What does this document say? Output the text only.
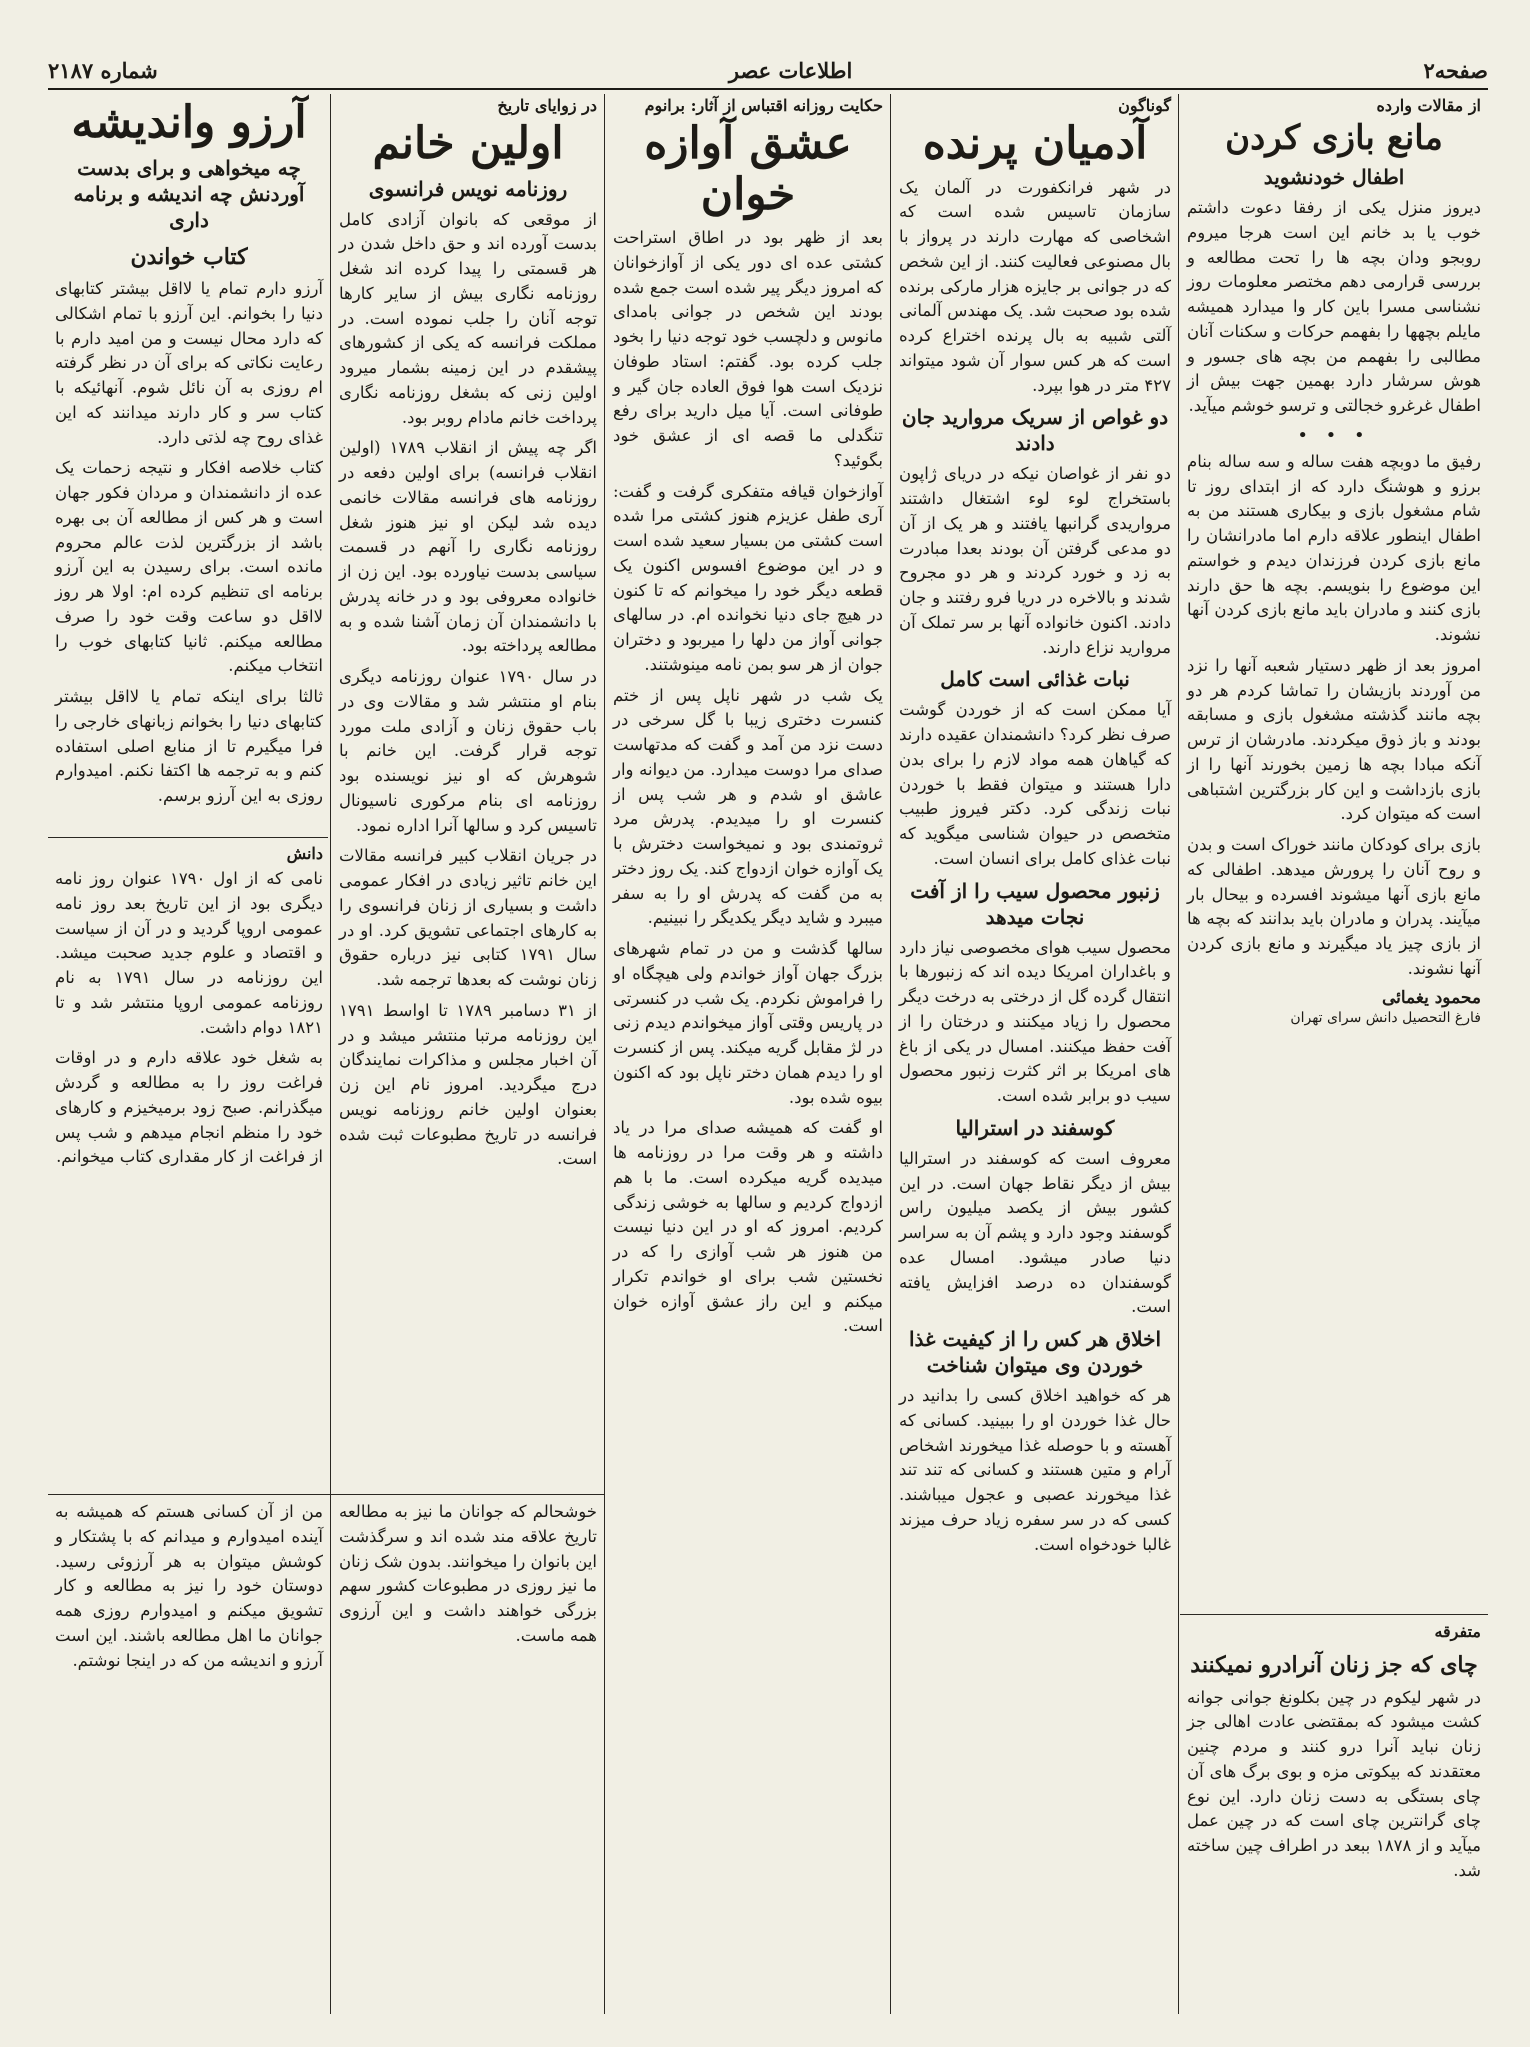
صفحه۲
اطلاعات عصر
شماره ۲۱۸۷
از مقالات وارده
مانع بازی کردن
اطفال خودنشوید

دیروز منزل یکی از رفقا دعوت داشتم خوب یا بد خانم این است هرجا میروم روبجو ودان بچه ها را تحت مطالعه و بررسی قرارمی دهم مختصر معلومات روز نشناسی مسرا باین کار وا میدارد همیشه مایلم بچهها را بفهمم حرکات و سکنات آنان مطالبی را بفهمم من بچه های جسور و هوش سرشار دارد بهمین جهت بیش از اطفال غرغرو خجالتی و ترسو خوشم میآید.

• • •

رفیق ما دوبچه هفت ساله و سه ساله بنام برزو و هوشنگ دارد که از ابتدای روز تا شام مشغول بازی و بیکاری هستند من به اطفال اینطور علاقه دارم اما مادرانشان را مانع بازی کردن فرزندان دیدم و خواستم این موضوع را بنویسم. بچه ها حق دارند بازی کنند و مادران باید مانع بازی کردن آنها نشوند.

امروز بعد از ظهر دستیار شعبه آنها را نزد من آوردند بازیشان را تماشا کردم هر دو بچه مانند گذشته مشغول بازی و مسابقه بودند و باز ذوق میکردند. مادرشان از ترس آنکه مبادا بچه ها زمین بخورند آنها را از بازی بازداشت و این کار بزرگترین اشتباهی است که میتوان کرد.

بازی برای کودکان مانند خوراک است و بدن و روح آنان را پرورش میدهد. اطفالی که مانع بازی آنها میشوند افسرده و بیحال بار میآیند. پدران و مادران باید بدانند که بچه ها از بازی چیز یاد میگیرند و مانع بازی کردن آنها نشوند.

محمود یغمائی
فارغ التحصیل دانش سرای تهران
متفرقه
چای که جز زنان آنرادرو نمیکنند

در شهر لیکوم در چین بکلونغ جوانی جوانه کشت میشود که بمقتضی عادت اهالی جز زنان نباید آنرا درو کنند و مردم چنین معتقدند که بیکوتی مزه و بوی برگ های آن چای بستگی به دست زنان دارد. این نوع چای گرانترین چای است که در چین عمل میآید و از ۱۸۷۸ ببعد در اطراف چین ساخته شد.

گوناگون
آدمیان پرنده

در شهر فرانکفورت در آلمان یک سازمان تاسیس شده است که اشخاصی که مهارت دارند در پرواز با بال مصنوعی فعالیت کنند. از این شخص که در جوانی بر جایزه هزار مارکی برنده شده بود صحبت شد. یک مهندس آلمانی آلتی شبیه به بال پرنده اختراع کرده است که هر کس سوار آن شود میتواند ۴۲۷ متر در هوا بپرد.

دو غواص از سریک مروارید جان دادند

دو نفر از غواصان نیکه در دریای ژاپون باستخراج لوء لوء اشتغال داشتند مرواریدی گرانبها یافتند و هر یک از آن دو مدعی گرفتن آن بودند بعدا مبادرت به زد و خورد کردند و هر دو مجروح شدند و بالاخره در دریا فرو رفتند و جان دادند. اکنون خانواده آنها بر سر تملک آن مروارید نزاع دارند.

نبات غذائی است کامل

آیا ممکن است که از خوردن گوشت صرف نظر کرد؟ دانشمندان عقیده دارند که گیاهان همه مواد لازم را برای بدن دارا هستند و میتوان فقط با خوردن نبات زندگی کرد. دکتر فیروز طبیب متخصص در حیوان شناسی میگوید که نبات غذای کامل برای انسان است.

زنبور محصول سیب را از آفت نجات میدهد

محصول سیب هوای مخصوصی نیاز دارد و باغداران امریکا دیده اند که زنبورها با انتقال گرده گل از درختی به درخت دیگر محصول را زیاد میکنند و درختان را از آفت حفظ میکنند. امسال در یکی از باغ های امریکا بر اثر کثرت زنبور محصول سیب دو برابر شده است.

کوسفند در استرالیا

معروف است که کوسفند در استرالیا بیش از دیگر نقاط جهان است. در این کشور بیش از یکصد میلیون راس گوسفند وجود دارد و پشم آن به سراسر دنیا صادر میشود. امسال عده گوسفندان ده درصد افزایش یافته است.

اخلاق هر کس را از کیفیت غذا خوردن وی میتوان شناخت

هر که خواهید اخلاق کسی را بدانید در حال غذا خوردن او را ببینید. کسانی که آهسته و با حوصله غذا میخورند اشخاص آرام و متین هستند و کسانی که تند تند غذا میخورند عصبی و عجول میباشند. کسی که در سر سفره زیاد حرف میزند غالبا خودخواه است.

حکایت روزانه اقتباس از آثار: برانوم
عشق آوازه خوان

بعد از ظهر بود در اطاق استراحت کشتی عده ای دور یکی از آوازخوانان که امروز دیگر پیر شده است جمع شده بودند این شخص در جوانی بامدای مانوس و دلچسب خود توجه دنیا را بخود جلب کرده بود. گفتم: استاد طوفان نزدیک است هوا فوق العاده جان گیر و طوفانی است. آیا میل دارید برای رفع تنگدلی ما قصه ای از عشق خود بگوئید؟

آوازخوان قیافه متفکری گرفت و گفت: آری طفل عزیزم هنوز کشتی مرا شده است کشتی من بسیار سعید شده است و در این موضوع افسوس اکنون یک قطعه دیگر خود را میخوانم که تا کنون در هیچ جای دنیا نخوانده ام. در سالهای جوانی آواز من دلها را میربود و دختران جوان از هر سو بمن نامه مینوشتند.

یک شب در شهر ناپل پس از ختم کنسرت دختری زیبا با گل سرخی در دست نزد من آمد و گفت که مدتهاست صدای مرا دوست میدارد. من دیوانه وار عاشق او شدم و هر شب پس از کنسرت او را میدیدم. پدرش مرد ثروتمندی بود و نمیخواست دخترش با یک آوازه خوان ازدواج کند. یک روز دختر به من گفت که پدرش او را به سفر میبرد و شاید دیگر یکدیگر را نبینیم.

سالها گذشت و من در تمام شهرهای بزرگ جهان آواز خواندم ولی هیچگاه او را فراموش نکردم. یک شب در کنسرتی در پاریس وقتی آواز میخواندم دیدم زنی در لژ مقابل گریه میکند. پس از کنسرت او را دیدم همان دختر ناپل بود که اکنون بیوه شده بود.

او گفت که همیشه صدای مرا در یاد داشته و هر وقت مرا در روزنامه ها میدیده گریه میکرده است. ما با هم ازدواج کردیم و سالها به خوشی زندگی کردیم. امروز که او در این دنیا نیست من هنوز هر شب آوازی را که در نخستین شب برای او خواندم تکرار میکنم و این راز عشق آوازه خوان است.

در زوایای تاریخ
اولین خانم
روزنامه نویس فرانسوی

از موقعی که بانوان آزادی کامل بدست آورده اند و حق داخل شدن در هر قسمتی را پیدا کرده اند شغل روزنامه نگاری بیش از سایر کارها توجه آنان را جلب نموده است. در مملکت فرانسه که یکی از کشورهای پیشقدم در این زمینه بشمار میرود اولین زنی که بشغل روزنامه نگاری پرداخت خانم مادام روبر بود.

اگر چه پیش از انقلاب ۱۷۸۹ (اولین انقلاب فرانسه) برای اولین دفعه در روزنامه های فرانسه مقالات خانمی دیده شد لیکن او نیز هنوز شغل روزنامه نگاری را آنهم در قسمت سیاسی بدست نیاورده بود. این زن از خانواده معروفی بود و در خانه پدرش با دانشمندان آن زمان آشنا شده و به مطالعه پرداخته بود.

در سال ۱۷۹۰ عنوان روزنامه دیگری بنام او منتشر شد و مقالات وی در باب حقوق زنان و آزادی ملت مورد توجه قرار گرفت. این خانم با شوهرش که او نیز نویسنده بود روزنامه ای بنام مرکوری ناسیونال تاسیس کرد و سالها آنرا اداره نمود.

در جریان انقلاب کبیر فرانسه مقالات این خانم تاثیر زیادی در افکار عمومی داشت و بسیاری از زنان فرانسوی را به کارهای اجتماعی تشویق کرد. او در سال ۱۷۹۱ کتابی نیز درباره حقوق زنان نوشت که بعدها ترجمه شد.

از ۳۱ دسامبر ۱۷۸۹ تا اواسط ۱۷۹۱ این روزنامه مرتبا منتشر میشد و در آن اخبار مجلس و مذاکرات نمایندگان درج میگردید. امروز نام این زن بعنوان اولین خانم روزنامه نویس فرانسه در تاریخ مطبوعات ثبت شده است.

خوشحالم که جوانان ما نیز به مطالعه تاریخ علاقه مند شده اند و سرگذشت این بانوان را میخوانند. بدون شک زنان ما نیز روزی در مطبوعات کشور سهم بزرگی خواهند داشت و این آرزوی همه ماست.

آرزو واندیشه
چه میخواهی و برای بدست آوردنش چه اندیشه و برنامه داری
کتاب خواندن

آرزو دارم تمام یا لااقل بیشتر کتابهای دنیا را بخوانم. این آرزو با تمام اشکالی که دارد محال نیست و من امید دارم با رعایت نکاتی که برای آن در نظر گرفته ام روزی به آن نائل شوم. آنهائیکه با کتاب سر و کار دارند میدانند که این غذای روح چه لذتی دارد.

کتاب خلاصه افکار و نتیجه زحمات یک عده از دانشمندان و مردان فکور جهان است و هر کس از مطالعه آن بی بهره باشد از بزرگترین لذت عالم محروم مانده است. برای رسیدن به این آرزو برنامه ای تنظیم کرده ام: اولا هر روز لااقل دو ساعت وقت خود را صرف مطالعه میکنم. ثانیا کتابهای خوب را انتخاب میکنم.

ثالثا برای اینکه تمام یا لااقل بیشتر کتابهای دنیا را بخوانم زبانهای خارجی را فرا میگیرم تا از منابع اصلی استفاده کنم و به ترجمه ها اکتفا نکنم. امیدوارم روزی به این آرزو برسم.

دانش

نامی که از اول ۱۷۹۰ عنوان روز نامه دیگری بود از این تاریخ بعد روز نامه عمومی اروپا گردید و در آن از سیاست و اقتصاد و علوم جدید صحبت میشد. این روزنامه در سال ۱۷۹۱ به نام روزنامه عمومی اروپا منتشر شد و تا ۱۸۲۱ دوام داشت.

به شغل خود علاقه دارم و در اوقات فراغت روز را به مطالعه و گردش میگذرانم. صبح زود برمیخیزم و کارهای خود را منظم انجام میدهم و شب پس از فراغت از کار مقداری کتاب میخوانم.

من از آن کسانی هستم که همیشه به آینده امیدوارم و میدانم که با پشتکار و کوشش میتوان به هر آرزوئی رسید. دوستان خود را نیز به مطالعه و کار تشویق میکنم و امیدوارم روزی همه جوانان ما اهل مطالعه باشند. این است آرزو و اندیشه من که در اینجا نوشتم.
